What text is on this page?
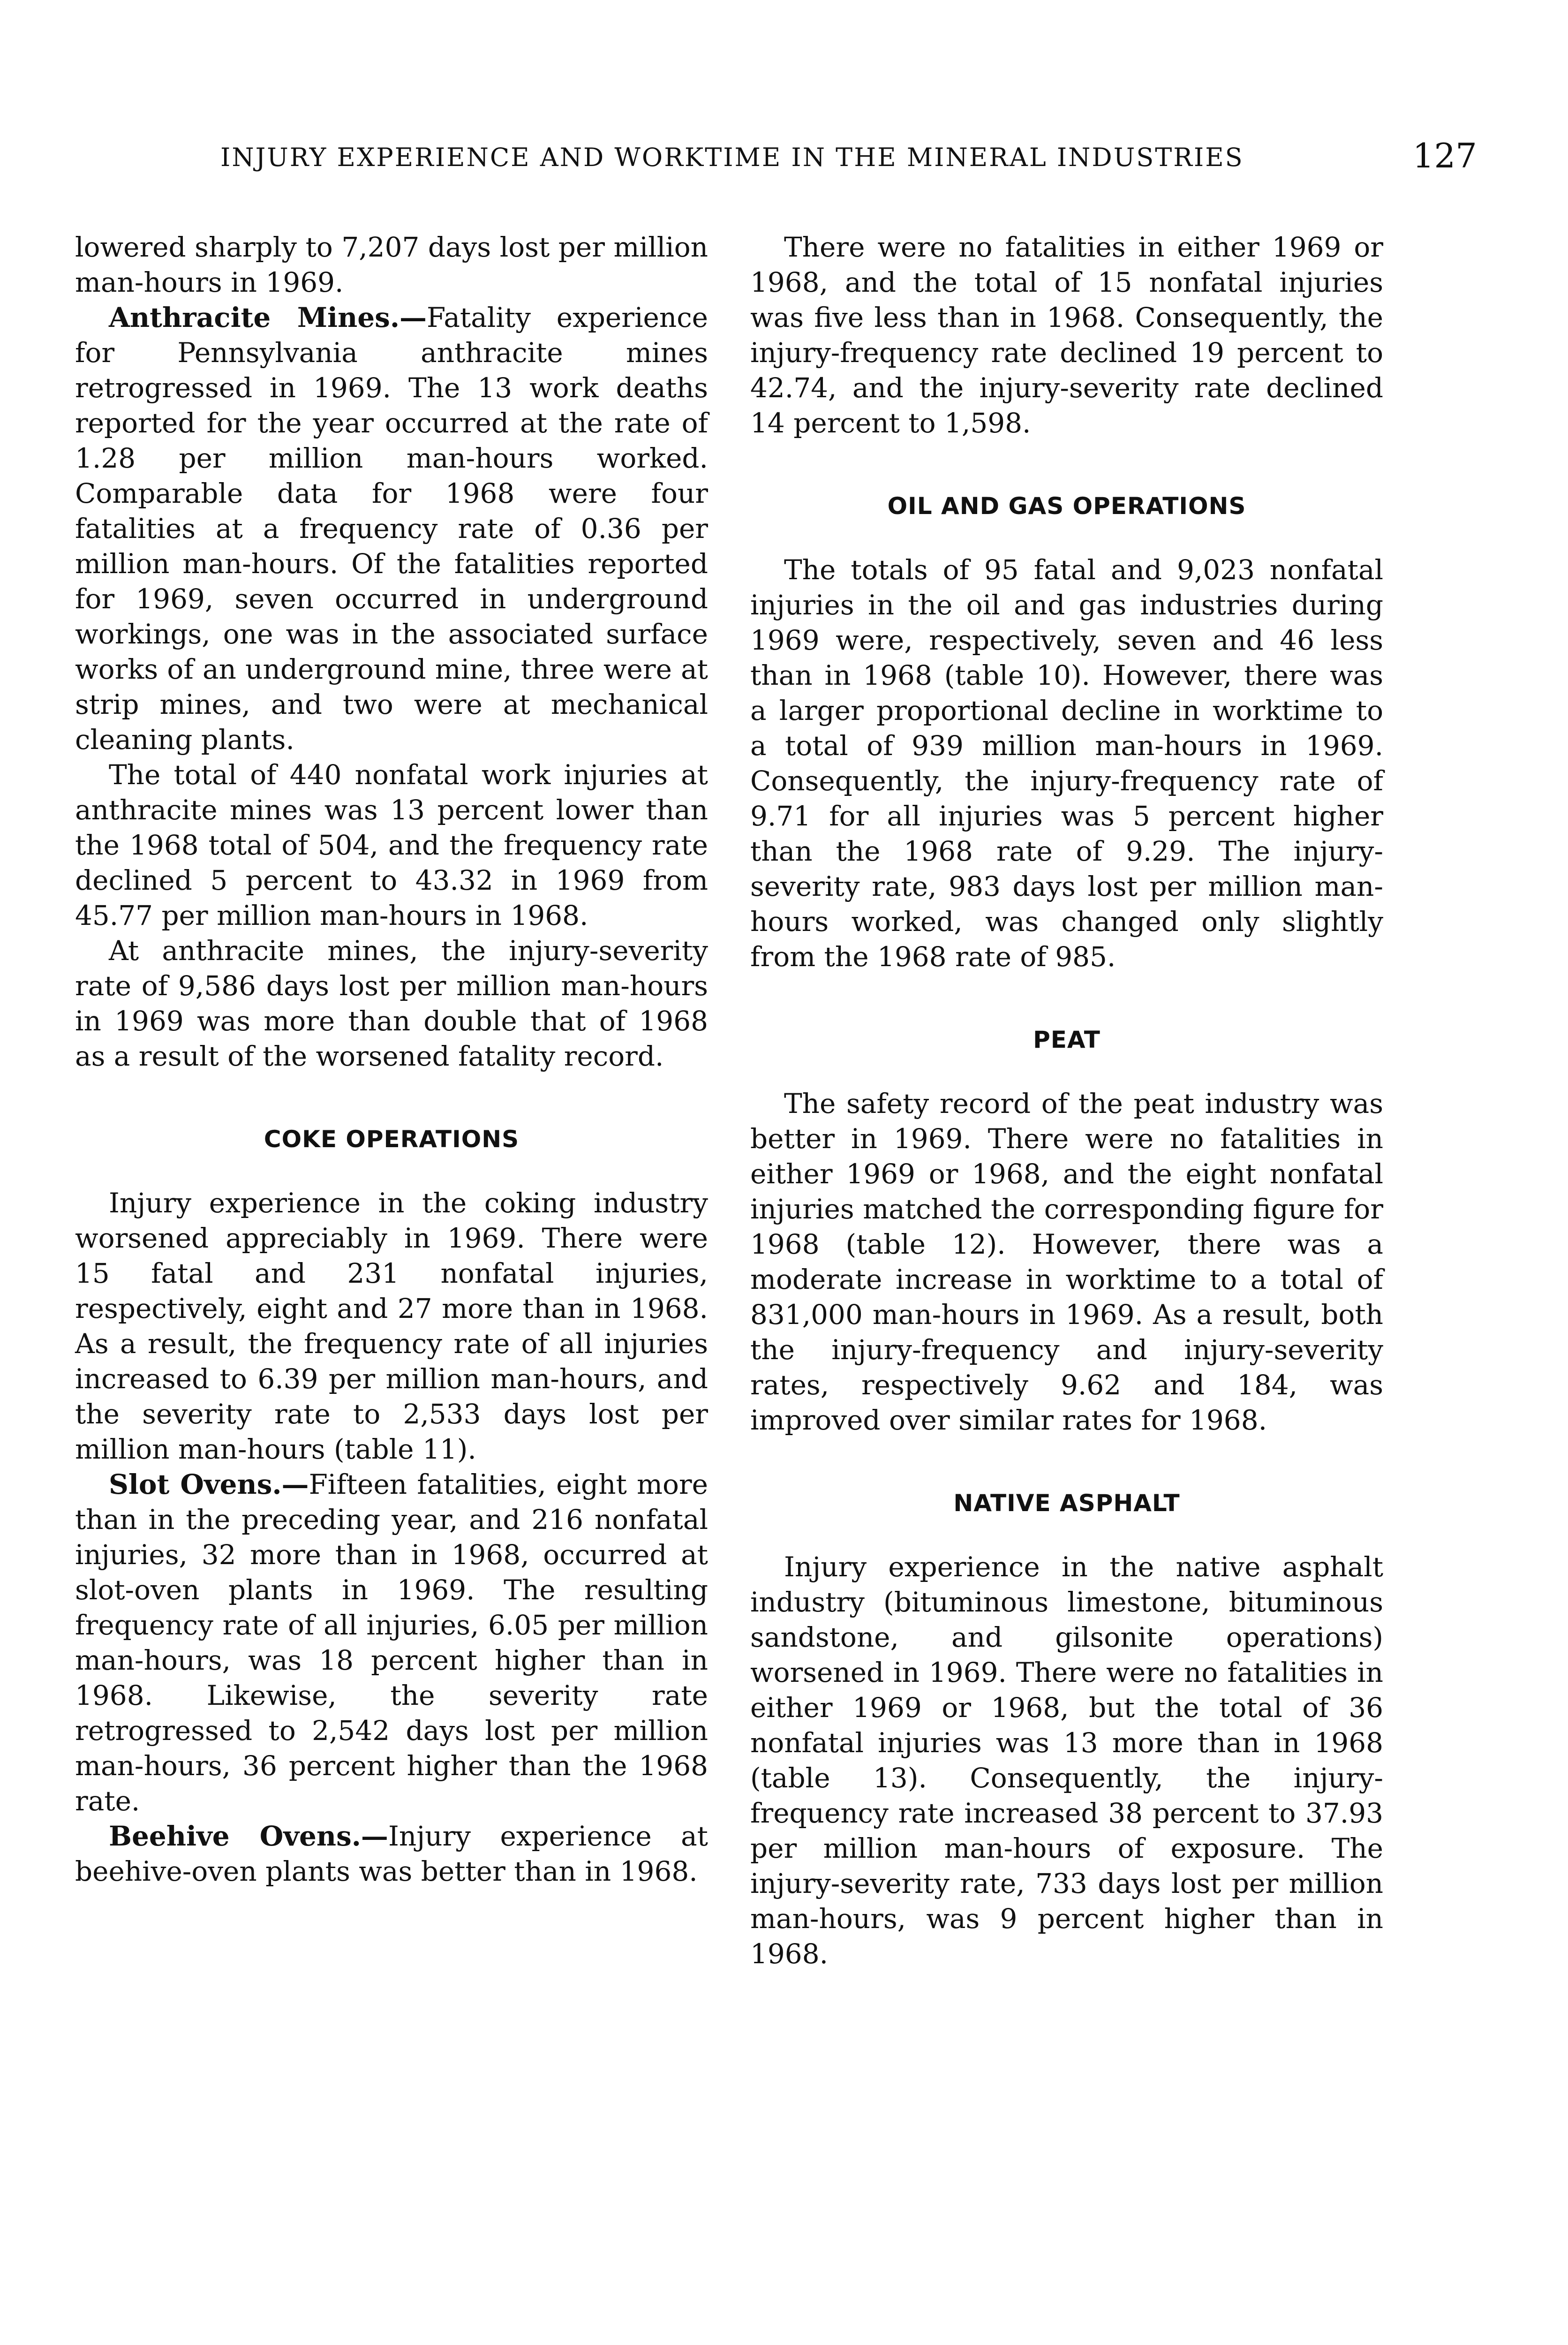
INJURY EXPERIENCE AND WORKTIME IN THE MINERAL INDUSTRIES	127

lowered sharply to 7,207 days lost per million man-hours in 1969.

Anthracite Mines.—Fatality experience for Pennsylvania anthracite mines retrogressed in 1969. The 13 work deaths reported for the year occurred at the rate of 1.28 per million man-hours worked. Comparable data for 1968 were four fatalities at a frequency rate of 0.36 per million man-hours. Of the fatalities reported for 1969, seven occurred in underground workings, one was in the associated surface works of an underground mine, three were at strip mines, and two were at mechanical cleaning plants.

The total of 440 nonfatal work injuries at anthracite mines was 13 percent lower than the 1968 total of 504, and the frequency rate declined 5 percent to 43.32 in 1969 from 45.77 per million man-hours in 1968.

At anthracite mines, the injury-severity rate of 9,586 days lost per million man-hours in 1969 was more than double that of 1968 as a result of the worsened fatality record.

COKE OPERATIONS

Injury experience in the coking industry worsened appreciably in 1969. There were 15 fatal and 231 nonfatal injuries, respectively, eight and 27 more than in 1968. As a result, the frequency rate of all injuries increased to 6.39 per million man-hours, and the severity rate to 2,533 days lost per million man-hours (table 11).

Slot Ovens.—Fifteen fatalities, eight more than in the preceding year, and 216 nonfatal injuries, 32 more than in 1968, occurred at slot-oven plants in 1969. The resulting frequency rate of all injuries, 6.05 per million man-hours, was 18 percent higher than in 1968. Likewise, the severity rate retrogressed to 2,542 days lost per million man-hours, 36 percent higher than the 1968 rate.

Beehive Ovens.—Injury experience at beehive-oven plants was better than in 1968.

There were no fatalities in either 1969 or 1968, and the total of 15 nonfatal injuries was five less than in 1968. Consequently, the injury-frequency rate declined 19 percent to 42.74, and the injury-severity rate declined 14 percent to 1,598.

OIL AND GAS OPERATIONS

The totals of 95 fatal and 9,023 nonfatal injuries in the oil and gas industries during 1969 were, respectively, seven and 46 less than in 1968 (table 10). However, there was a larger proportional decline in worktime to a total of 939 million man-hours in 1969. Consequently, the injury-frequency rate of 9.71 for all injuries was 5 percent higher than the 1968 rate of 9.29. The injury-severity rate, 983 days lost per million man-hours worked, was changed only slightly from the 1968 rate of 985.

PEAT

The safety record of the peat industry was better in 1969. There were no fatalities in either 1969 or 1968, and the eight nonfatal injuries matched the corresponding figure for 1968 (table 12). However, there was a moderate increase in worktime to a total of 831,000 man-hours in 1969. As a result, both the injury-frequency and injury-severity rates, respectively 9.62 and 184, was improved over similar rates for 1968.

NATIVE ASPHALT

Injury experience in the native asphalt industry (bituminous limestone, bituminous sandstone, and gilsonite operations) worsened in 1969. There were no fatalities in either 1969 or 1968, but the total of 36 nonfatal injuries was 13 more than in 1968 (table 13). Consequently, the injury-frequency rate increased 38 percent to 37.93 per million man-hours of exposure. The injury-severity rate, 733 days lost per million man-hours, was 9 percent higher than in 1968.
